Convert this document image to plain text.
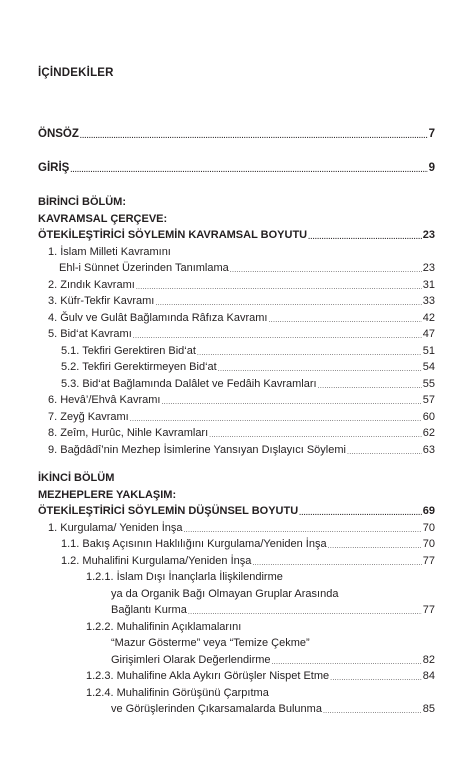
İÇİNDEKİLER
ÖNSÖZ .....	7
GİRİŞ .....	9
BİRİNCİ BÖLÜM:
KAVRAMSAL ÇERÇEVE:
ÖTEKİLEŞTİRİCİ SÖYLEMİN KAVRAMSAL BOYUTU .....	23
1. İslam Milleti Kavramını
Ehl-i Sünnet Üzerinden Tanımlama .....	23
2. Zındık Kavramı .....	31
3. Küfr-Tekfir Kavramı .....	33
4. Ğulv ve Gulât Bağlamında Râfıza Kavramı .....	42
5. Bid‘at Kavramı .....	47
5.1. Tekfiri Gerektiren Bid‘at .....	51
5.2. Tekfiri Gerektirmeyen Bid‘at .....	54
5.3. Bid‘at Bağlamında Dalâlet ve Fedâih Kavramları .....	55
6. Hevâ’/Ehvâ Kavramı .....	57
7. Zeyğ Kavramı .....	60
8. Zeîm, Hurûc, Nihle Kavramları .....	62
9. Bağdâdî’nin Mezhep İsimlerine Yansıyan Dışlayıcı Söylemi .....	63
İKİNCİ BÖLÜM
MEZHEPLERE YAKLAŞIM:
ÖTEKİLEŞTİRİCİ SÖYLEMİN DÜŞÜNSEL BOYUTU .....	69
1. Kurgulama/ Yeniden İnşa .....	70
1.1. Bakış Açısının Haklılığını Kurgulama/Yeniden İnşa .....	70
1.2. Muhalifini Kurgulama/Yeniden İnşa .....	77
1.2.1. İslam Dışı İnançlarla İlişkilendirme
ya da Organik Bağı Olmayan Gruplar Arasında
Bağlantı Kurma .....	77
1.2.2. Muhalifinin Açıklamalarını
“Mazur Gösterme” veya “Temize Çekme”
Girişimleri Olarak Değerlendirme .....	82
1.2.3. Muhalifine Akla Aykırı Görüşler Nispet Etme .....	84
1.2.4. Muhalifinin Görüşünü Çarpıtma
ve Görüşlerinden Çıkarsamalarda Bulunma .....	85
